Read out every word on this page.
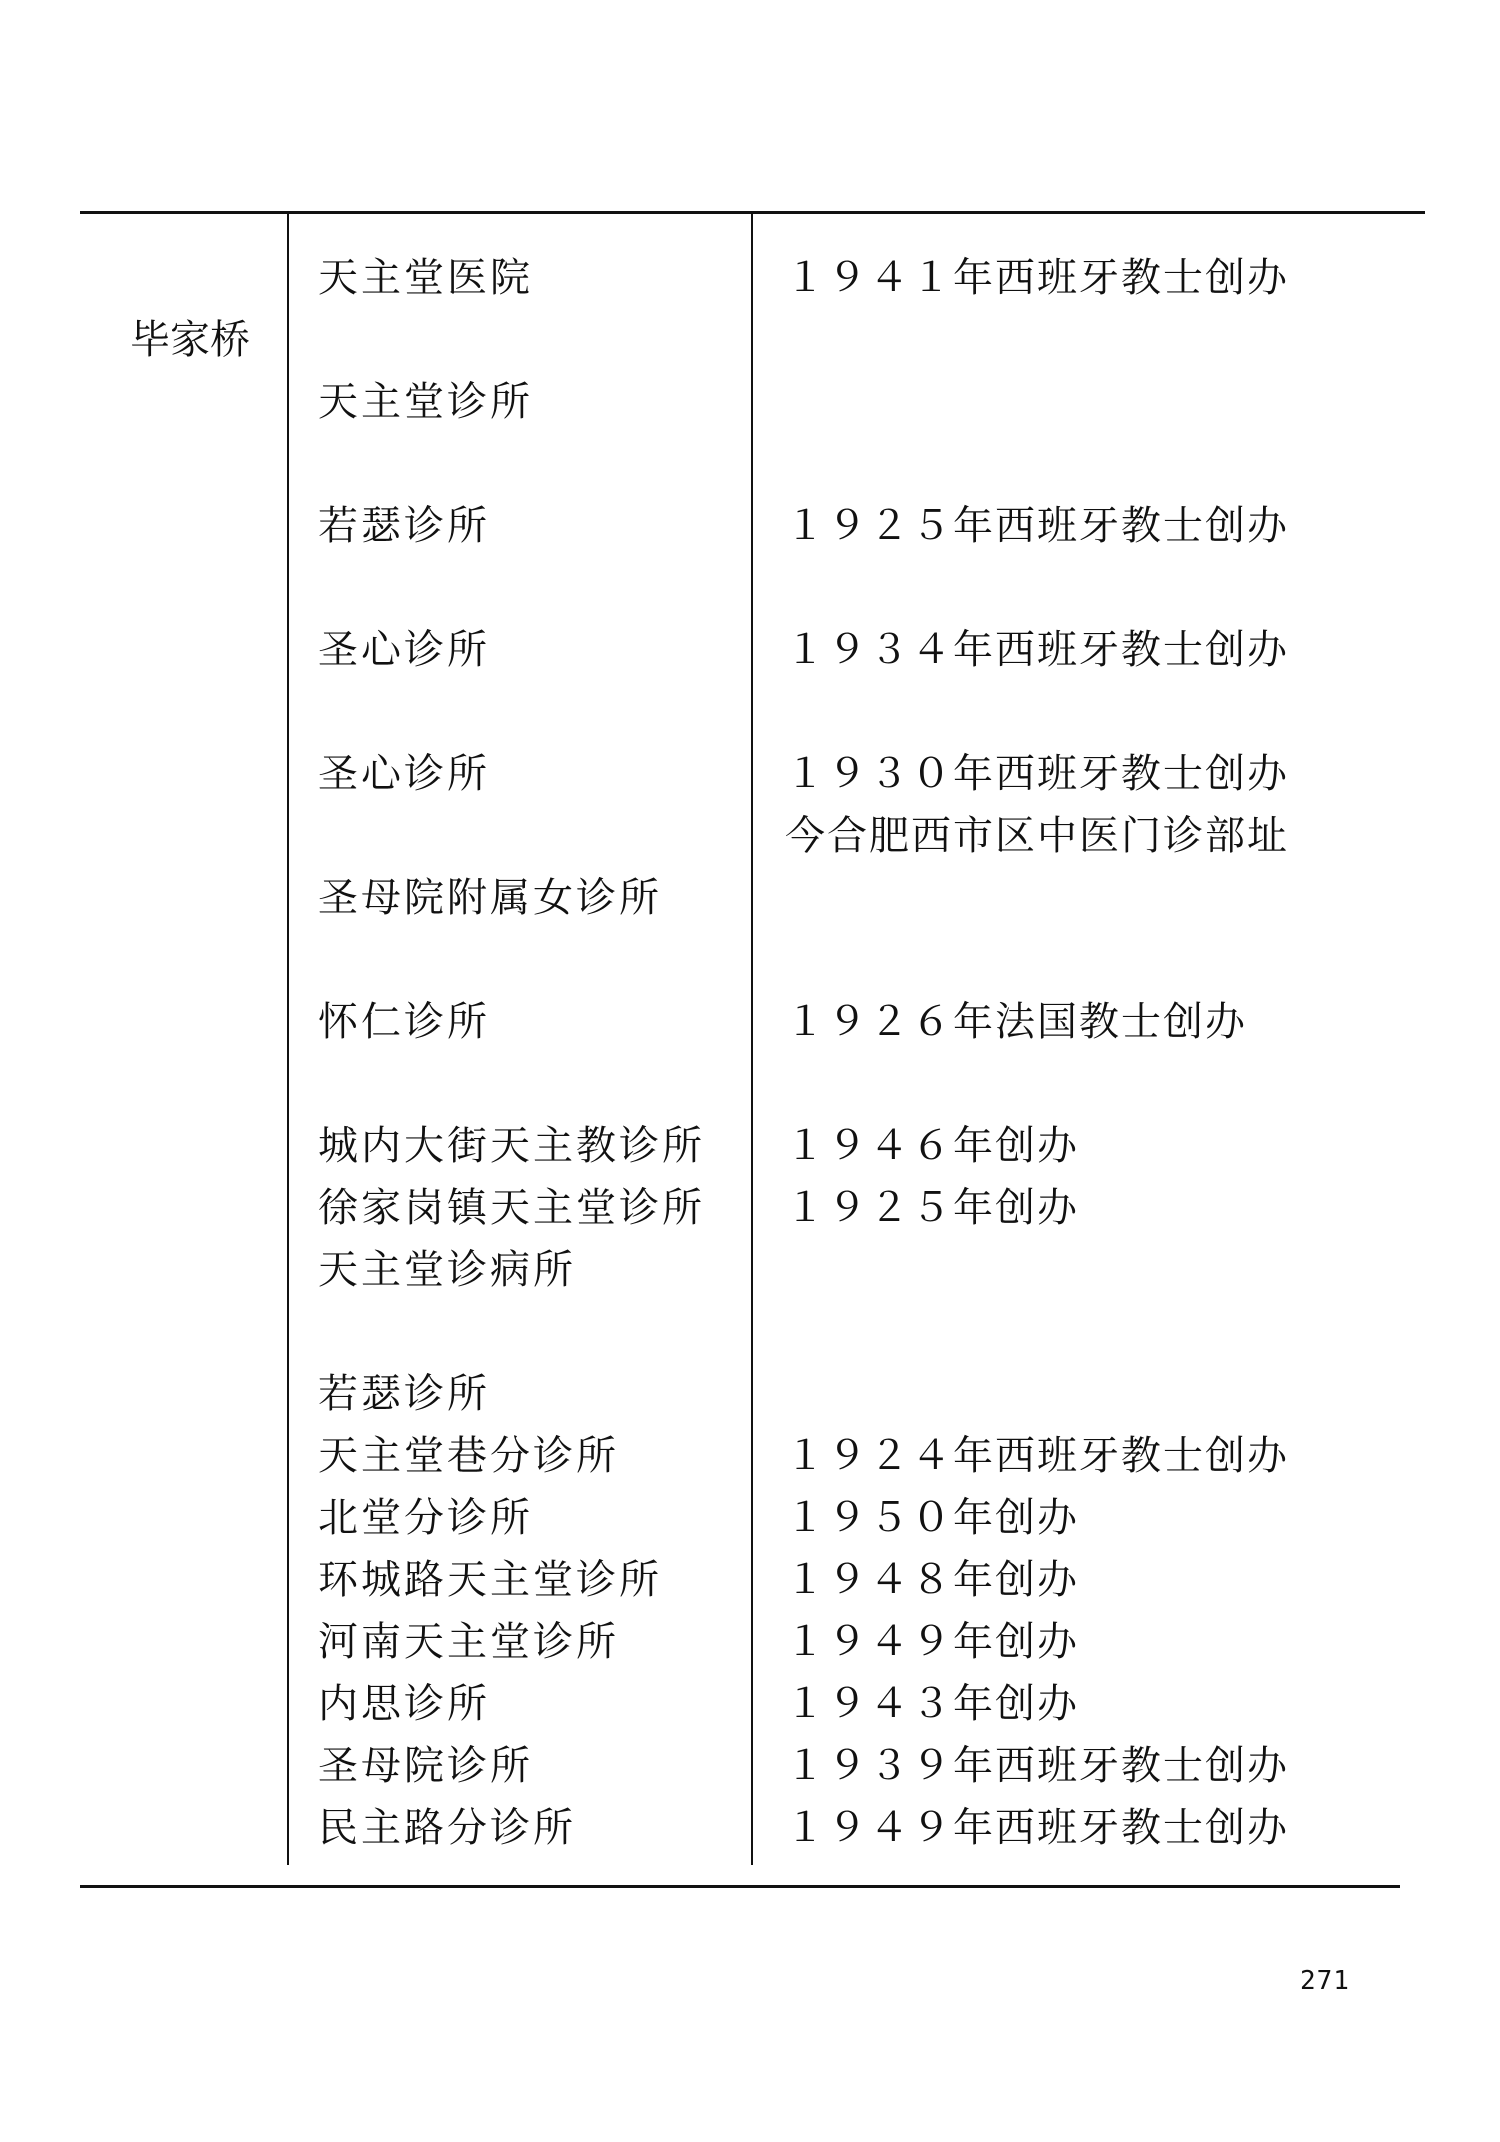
天主堂医院	１９４１年西班牙教士创办
毕家桥
天主堂诊所
若瑟诊所	１９２５年西班牙教士创办
圣心诊所	１９３４年西班牙教士创办
圣心诊所	１９３０年西班牙教士创办
今合肥西市区中医门诊部址
圣母院附属女诊所
怀仁诊所	１９２６年法国教士创办
城内大街天主教诊所 １９４６年创办
徐家岗镇天主堂诊所 １９２５年创办
天主堂诊病所
若瑟诊所
天主堂巷分诊所	１９２４年西班牙教士创办
北堂分诊所	１９５０年创办
环城路天主堂诊所	１９４８年创办
河南天主堂诊所	１９４９年创办
内思诊所	１９４３年创办
圣母院诊所	１９３９年西班牙教士创办
民主路分诊所	１９４９年西班牙教士创办
271
